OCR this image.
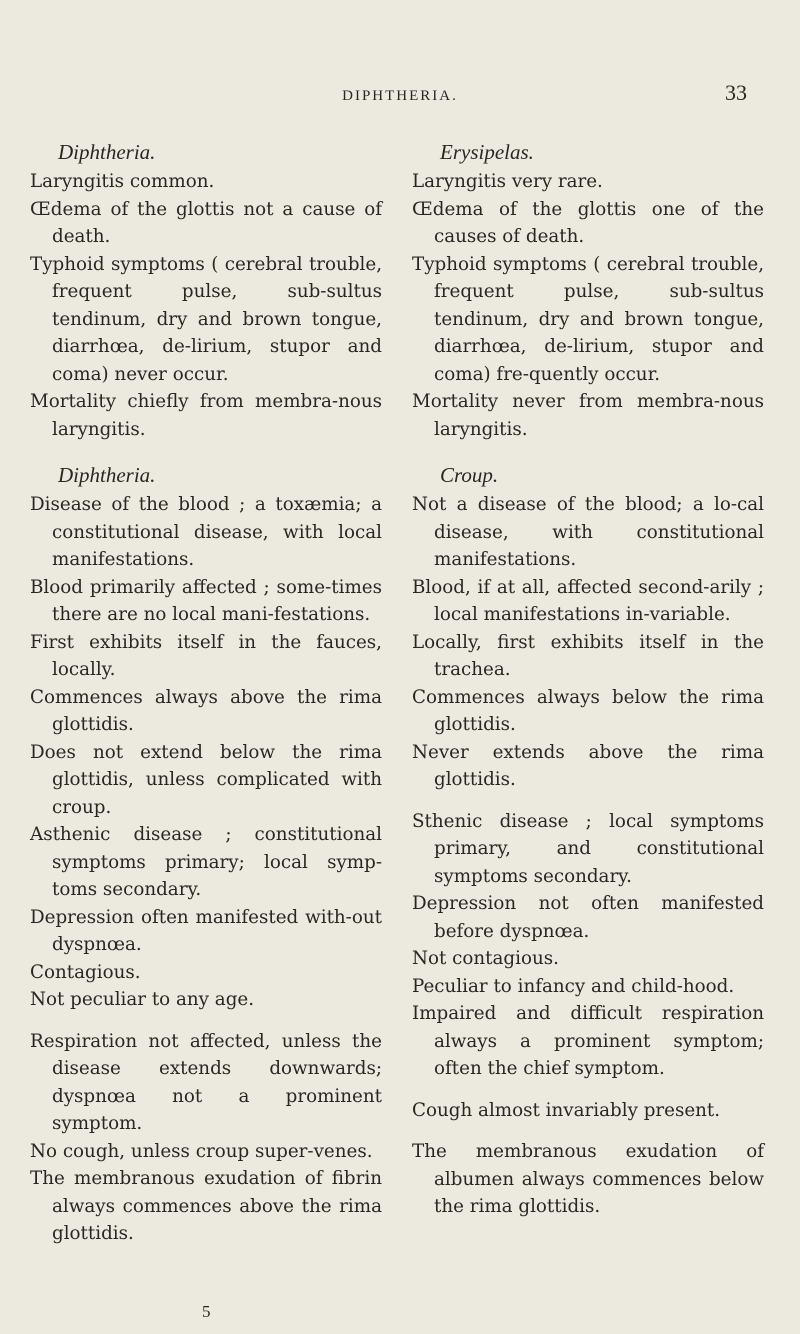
DIPHTHERIA.	33
Diphtheria.
Laryngitis common.
Œdema of the glottis not a cause of death.
Typhoid symptoms ( cerebral trouble, frequent pulse, sub-sultus tendinum, dry and brown tongue, diarrhœa, de-lirium, stupor and coma) never occur.
Mortality chiefly from membra-nous laryngitis.
Diphtheria.
Disease of the blood ; a toxæmia; a constitutional disease, with local manifestations.
Blood primarily affected ; some-times there are no local mani-festations.
First exhibits itself in the fauces, locally.
Commences always above the rima glottidis.
Does not extend below the rima glottidis, unless complicated with croup.
Asthenic disease ; constitutional symptoms primary; local symp-toms secondary.
Depression often manifested with-out dyspnœa.
Contagious.
Not peculiar to any age.
Respiration not affected, unless the disease extends downwards; dyspnœa not a prominent symptom.
No cough, unless croup super-venes.
The membranous exudation of fibrin always commences above the rima glottidis.
Erysipelas.
Laryngitis very rare.
Œdema of the glottis one of the causes of death.
Typhoid symptoms ( cerebral trouble, frequent pulse, sub-sultus tendinum, dry and brown tongue, diarrhœa, de-lirium, stupor and coma) fre-quently occur.
Mortality never from membra-nous laryngitis.
Croup.
Not a disease of the blood; a lo-cal disease, with constitutional manifestations.
Blood, if at all, affected second-arily ; local manifestations in-variable.
Locally, first exhibits itself in the trachea.
Commences always below the rima glottidis.
Never extends above the rima glottidis.
Sthenic disease ; local symptoms primary, and constitutional symptoms secondary.
Depression not often manifested before dyspnœa.
Not contagious.
Peculiar to infancy and child-hood.
Impaired and difficult respiration always a prominent symptom; often the chief symptom.
Cough almost invariably present.
The membranous exudation of albumen always commences below the rima glottidis.
5
